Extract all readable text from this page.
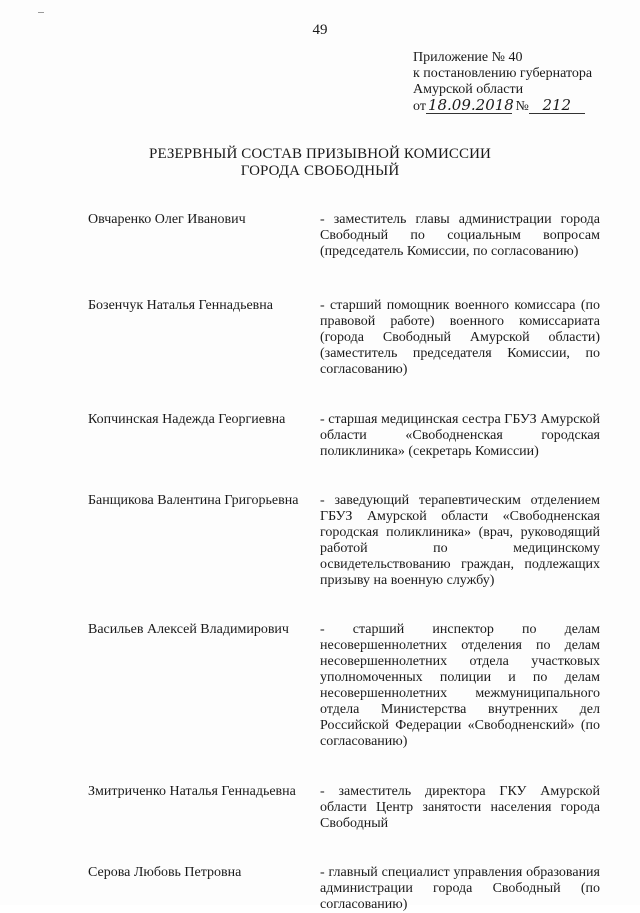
49
Приложение № 40
к постановлению губернатора
Амурской области
от 18.09.2018 № 212
РЕЗЕРВНЫЙ СОСТАВ ПРИЗЫВНОЙ КОМИССИИ
ГОРОДА СВОБОДНЫЙ
Овчаренко Олег Иванович	- заместитель главы администрации города Свободный по социальным вопросам (председатель Комиссии, по согласованию)
Бозенчук Наталья Геннадьевна	- старший помощник военного комиссара (по правовой работе) военного комиссариата (города Свободный Амурской области) (заместитель председателя Комиссии, по согласованию)
Копчинская Надежда Георгиевна	- старшая медицинская сестра ГБУЗ Амурской области «Свободненская городская поликлиника» (секретарь Комиссии)
Банщикова Валентина Григорьевна	- заведующий терапевтическим отделением ГБУЗ Амурской области «Свободненская городская поликлиника» (врач, руководящий работой по медицинскому освидетельствованию граждан, подлежащих призыву на военную службу)
Васильев Алексей Владимирович	- старший инспектор по делам несовершеннолетних отделения по делам несовершеннолетних отдела участковых уполномоченных полиции и по делам несовершеннолетних межмуниципального отдела Министерства внутренних дел Российской Федерации «Свободненский» (по согласованию)
Змитриченко Наталья Геннадьевна	- заместитель директора ГКУ Амурской области Центр занятости населения города Свободный
Серова Любовь Петровна	- главный специалист управления образования администрации города Свободный (по согласованию)
